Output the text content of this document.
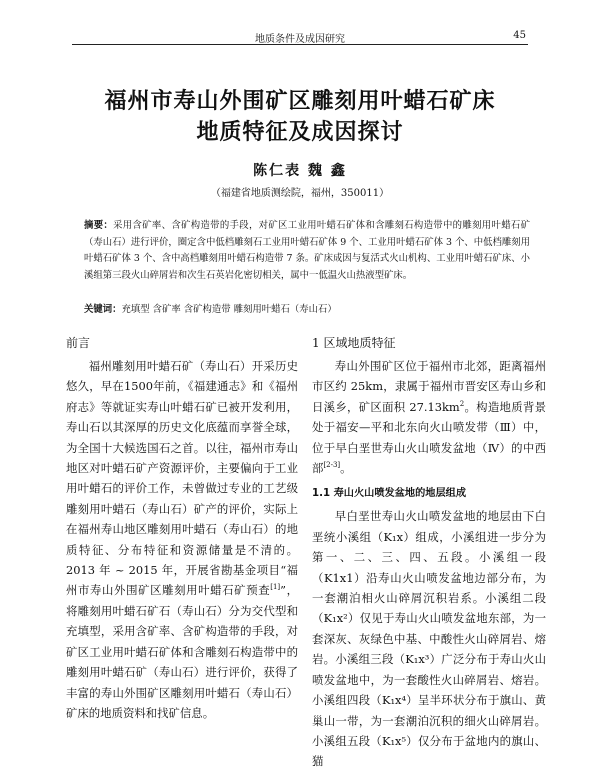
地质条件及成因研究	45
福州市寿山外围矿区雕刻用叶蜡石矿床
地质特征及成因探讨
陈仁表 魏 鑫
（福建省地质测绘院，福州，350011）
摘要：采用含矿率、含矿构造带的手段，对矿区工业用叶蜡石矿体和含雕刻石构造带中的雕刻用叶蜡石矿（寿山石）进行评价，圈定含中低档雕刻石工业用叶蜡石矿体 9 个、工业用叶蜡石矿体 3 个、中低档雕刻用叶蜡石矿体 3 个、含中高档雕刻用叶蜡石构造带 7 条。矿床成因与复活式火山机构、工业用叶蜡石矿床、小溪组第三段火山碎屑岩和次生石英岩化密切相关，属中一低温火山热液型矿床。
关键词：充填型 含矿率 含矿构造带 雕刻用叶蜡石（寿山石）
前言

福州雕刻用叶蜡石矿（寿山石）开采历史悠久，早在1500年前，《福建通志》和《福州府志》等就证实寿山叶蜡石矿已被开发利用，寿山石以其深厚的历史文化底蕴而享誉全球，为全国十大候选国石之首。以往，福州市寿山地区对叶蜡石矿产资源评价，主要偏向于工业用叶蜡石的评价工作，未曾做过专业的工艺级雕刻用叶蜡石（寿山石）矿产的评价，实际上在福州寿山地区雕刻用叶蜡石（寿山石）的地质特征、分布特征和资源储量是不清的。2013 年 ~ 2015 年，开展省勘基金项目“福州市寿山外围矿区雕刻用叶蜡石矿预查[1]”，将雕刻用叶蜡石矿石（寿山石）分为交代型和充填型，采用含矿率、含矿构造带的手段，对矿区工业用叶蜡石矿体和含雕刻石构造带中的雕刻用叶蜡石矿（寿山石）进行评价，获得了丰富的寿山外围矿区雕刻用叶蜡石（寿山石）矿床的地质资料和找矿信息。

1 区域地质特征

寿山外围矿区位于福州市北郊，距离福州市区约 25km，隶属于福州市晋安区寿山乡和日溪乡，矿区面积 $27.13km^2$。构造地质背景处于福安—平和北东向火山喷发带（Ⅲ）中，位于早白垩世寿山火山喷发盆地（Ⅳ）的中西部[2-3]。

1.1 寿山火山喷发盆地的地层组成

早白垩世寿山火山喷发盆地的地层由下白垩统小溪组（K₁x）组成，小溪组进一步分为第一、二、三、四、五段。小溪组一段（K1x1）沿寿山火山喷发盆地边部分布，为一套潮泊相火山碎屑沉积岩系。小溪组二段（K₁x²）仅见于寿山火山喷发盆地东部，为一套深灰、灰绿色中基、中酸性火山碎屑岩、熔岩。小溪组三段（K₁x³）广泛分布于寿山火山喷发盆地中，为一套酸性火山碎屑岩、熔岩。小溪组四段（K₁x⁴）呈半环状分布于旗山、黄巢山一带，为一套潮泊沉积的细火山碎屑岩。小溪组五段（K₁x⁵）仅分布于盆地内的旗山、猫
